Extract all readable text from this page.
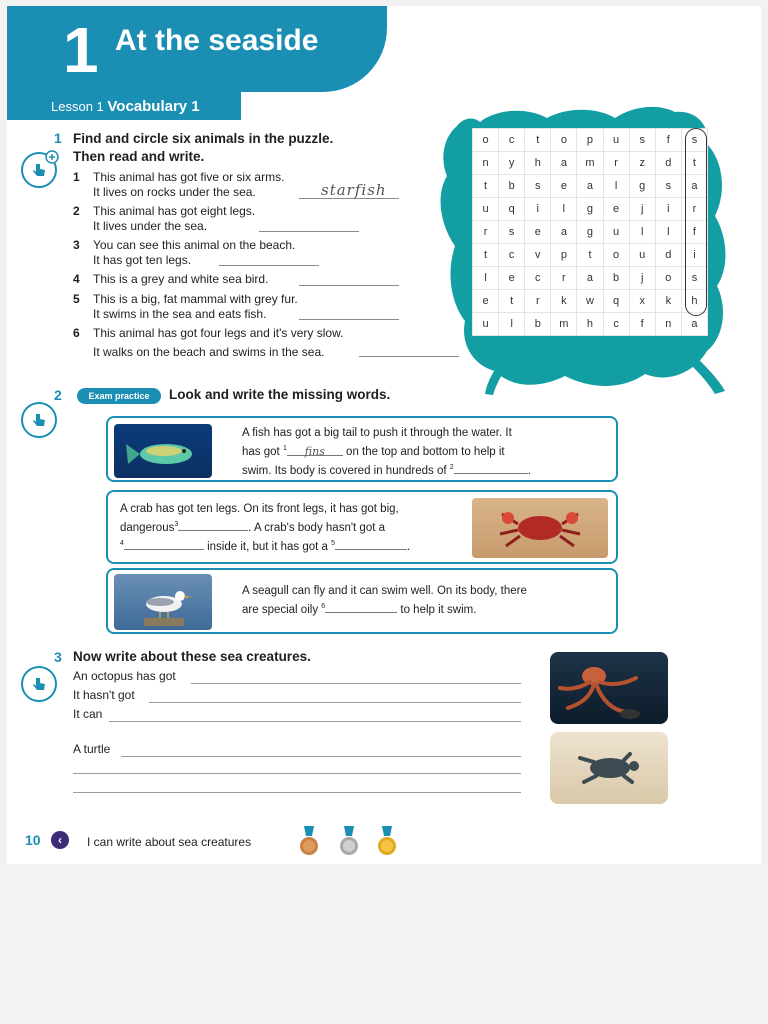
1 At the seaside
Lesson 1 Vocabulary 1
1 Find and circle six animals in the puzzle.
Then read and write.
1 This animal has got five or six arms.
It lives on rocks under the sea.	starfish
2 This animal has got eight legs.
It lives under the sea.
3 You can see this animal on the beach.
It has got ten legs.
4 This is a grey and white sea bird.
5 This is a big, fat mammal with grey fur.
It swims in the sea and eats fish.
6 This animal has got four legs and it's very slow.
It walks on the beach and swims in the sea.
o	c	t	o	p	u	s	f	s
n	y	h	a	m	r	z	d	t
t	b	s	e	a	l	g	s	a
u	q	i	l	g	e	j	i	r
r	s	e	a	g	u	l	l	f
t	c	v	p	t	o	u	d	i
l	e	c	r	a	b	j	o	s
e	t	r	k	w	q	x	k	h
u	l	b	m	h	c	f	n	a
2	Exam practice	Look and write the missing words.
A fish has got a big tail to push it through the water. It
has got $^1$ fins on the top and bottom to help it
swim. Its body is covered in hundreds of $^2$	.
A crab has got ten legs. On its front legs, it has got big,
dangerous$^3$	. A crab's body hasn't got a
$^4$	inside it, but it has got a $^5$	.
A seagull can fly and it can swim well. On its body, there
are special oily $^6$	to help it swim.
3 Now write about these sea creatures.
An octopus has got
It hasn't got
It can
A turtle
10	‹	I can write about sea creatures
